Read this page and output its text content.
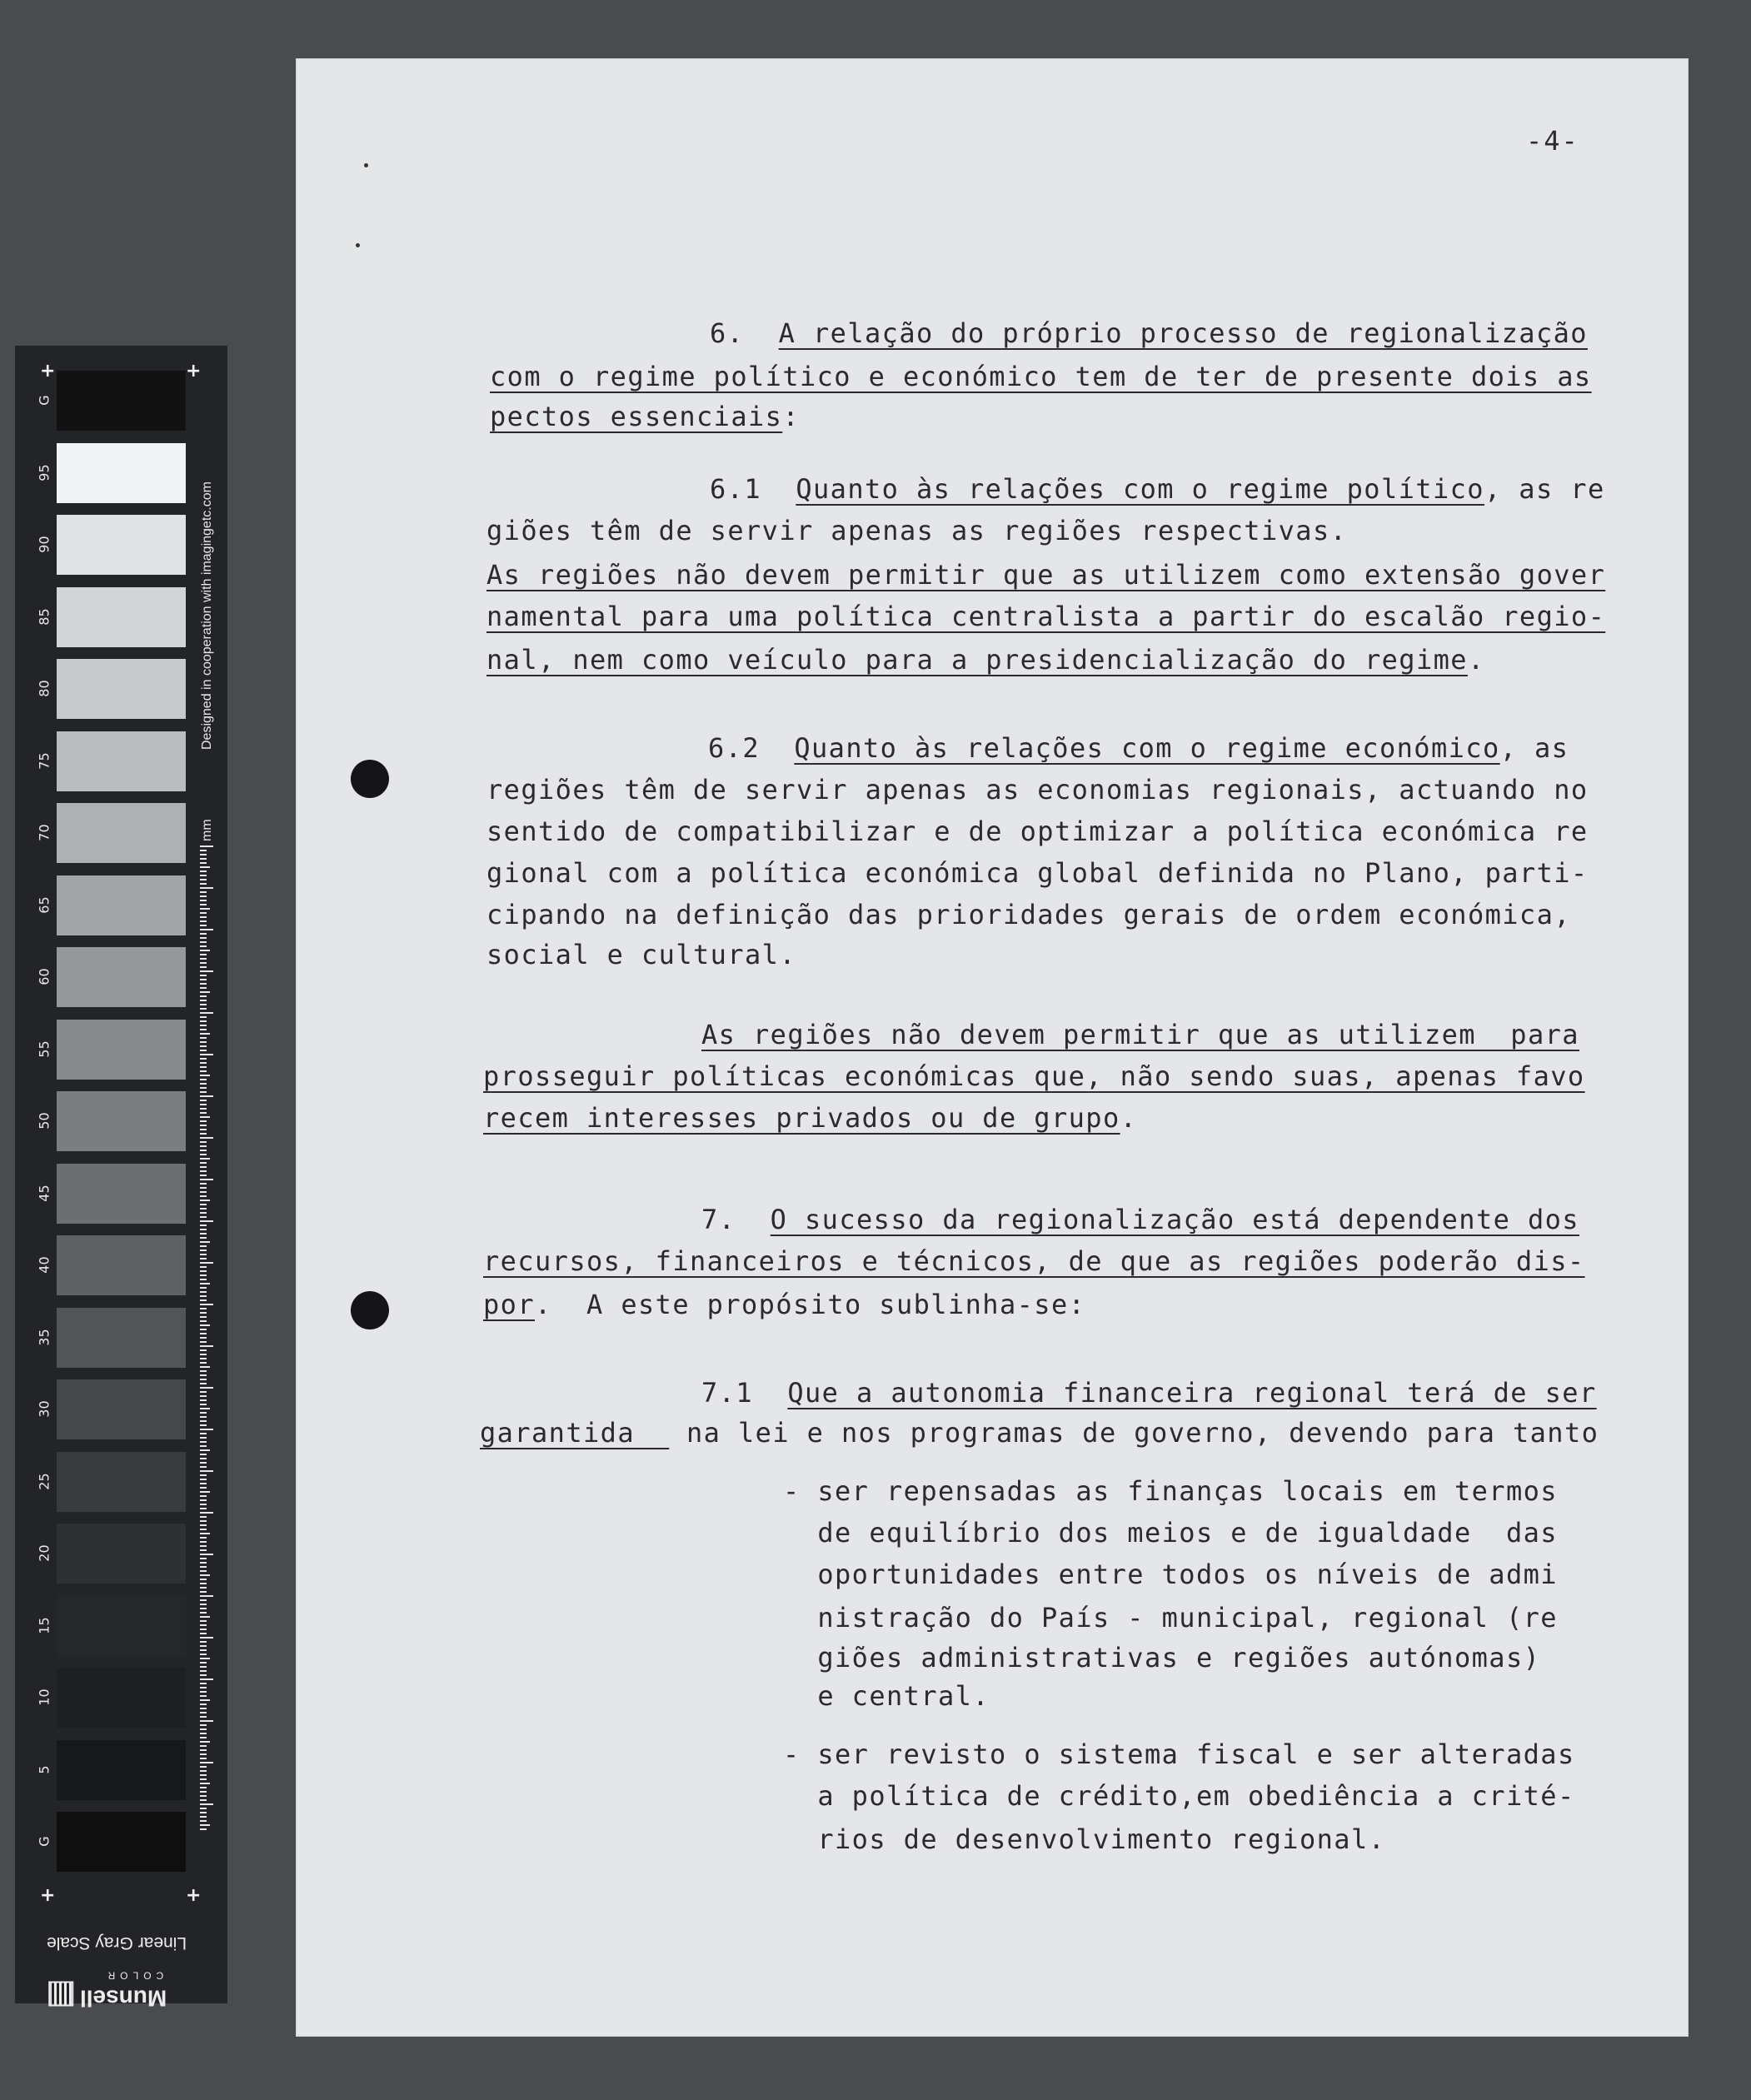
G
95
90
85
80
75
70
65
60
55
50
45
40
35
30
25
20
15
10
5
G
+	+
+	+
Designed in cooperation with imagingetc.com
mm
Linear Gray Scale
Munsell
COLOR
-4-
6.  A relação do próprio processo de regionalização
com o regime político e económico tem de ter de presente dois as
pectos essenciais:
6.1  Quanto às relações com o regime político, as re
giões têm de servir apenas as regiões respectivas.
As regiões não devem permitir que as utilizem como extensão gover
namental para uma política centralista a partir do escalão regio-
nal, nem como veículo para a presidencialização do regime.
6.2  Quanto às relações com o regime económico, as
regiões têm de servir apenas as economias regionais, actuando no
sentido de compatibilizar e de optimizar a política económica re
gional com a política económica global definida no Plano, parti-
cipando na definição das prioridades gerais de ordem económica,
social e cultural.
As regiões não devem permitir que as utilizem  para
prosseguir políticas económicas que, não sendo suas, apenas favo
recem interesses privados ou de grupo.
7.  O sucesso da regionalização está dependente dos
recursos, financeiros e técnicos, de que as regiões poderão dis-
por.  A este propósito sublinha-se:
7.1  Que a autonomia financeira regional terá de ser
garantida   na lei e nos programas de governo, devendo para tanto
- ser repensadas as finanças locais em termos
de equilíbrio dos meios e de igualdade  das
oportunidades entre todos os níveis de admi
nistração do País - municipal, regional (re
giões administrativas e regiões autónomas)
e central.
- ser revisto o sistema fiscal e ser alteradas
a política de crédito,em obediência a crité-
rios de desenvolvimento regional.
